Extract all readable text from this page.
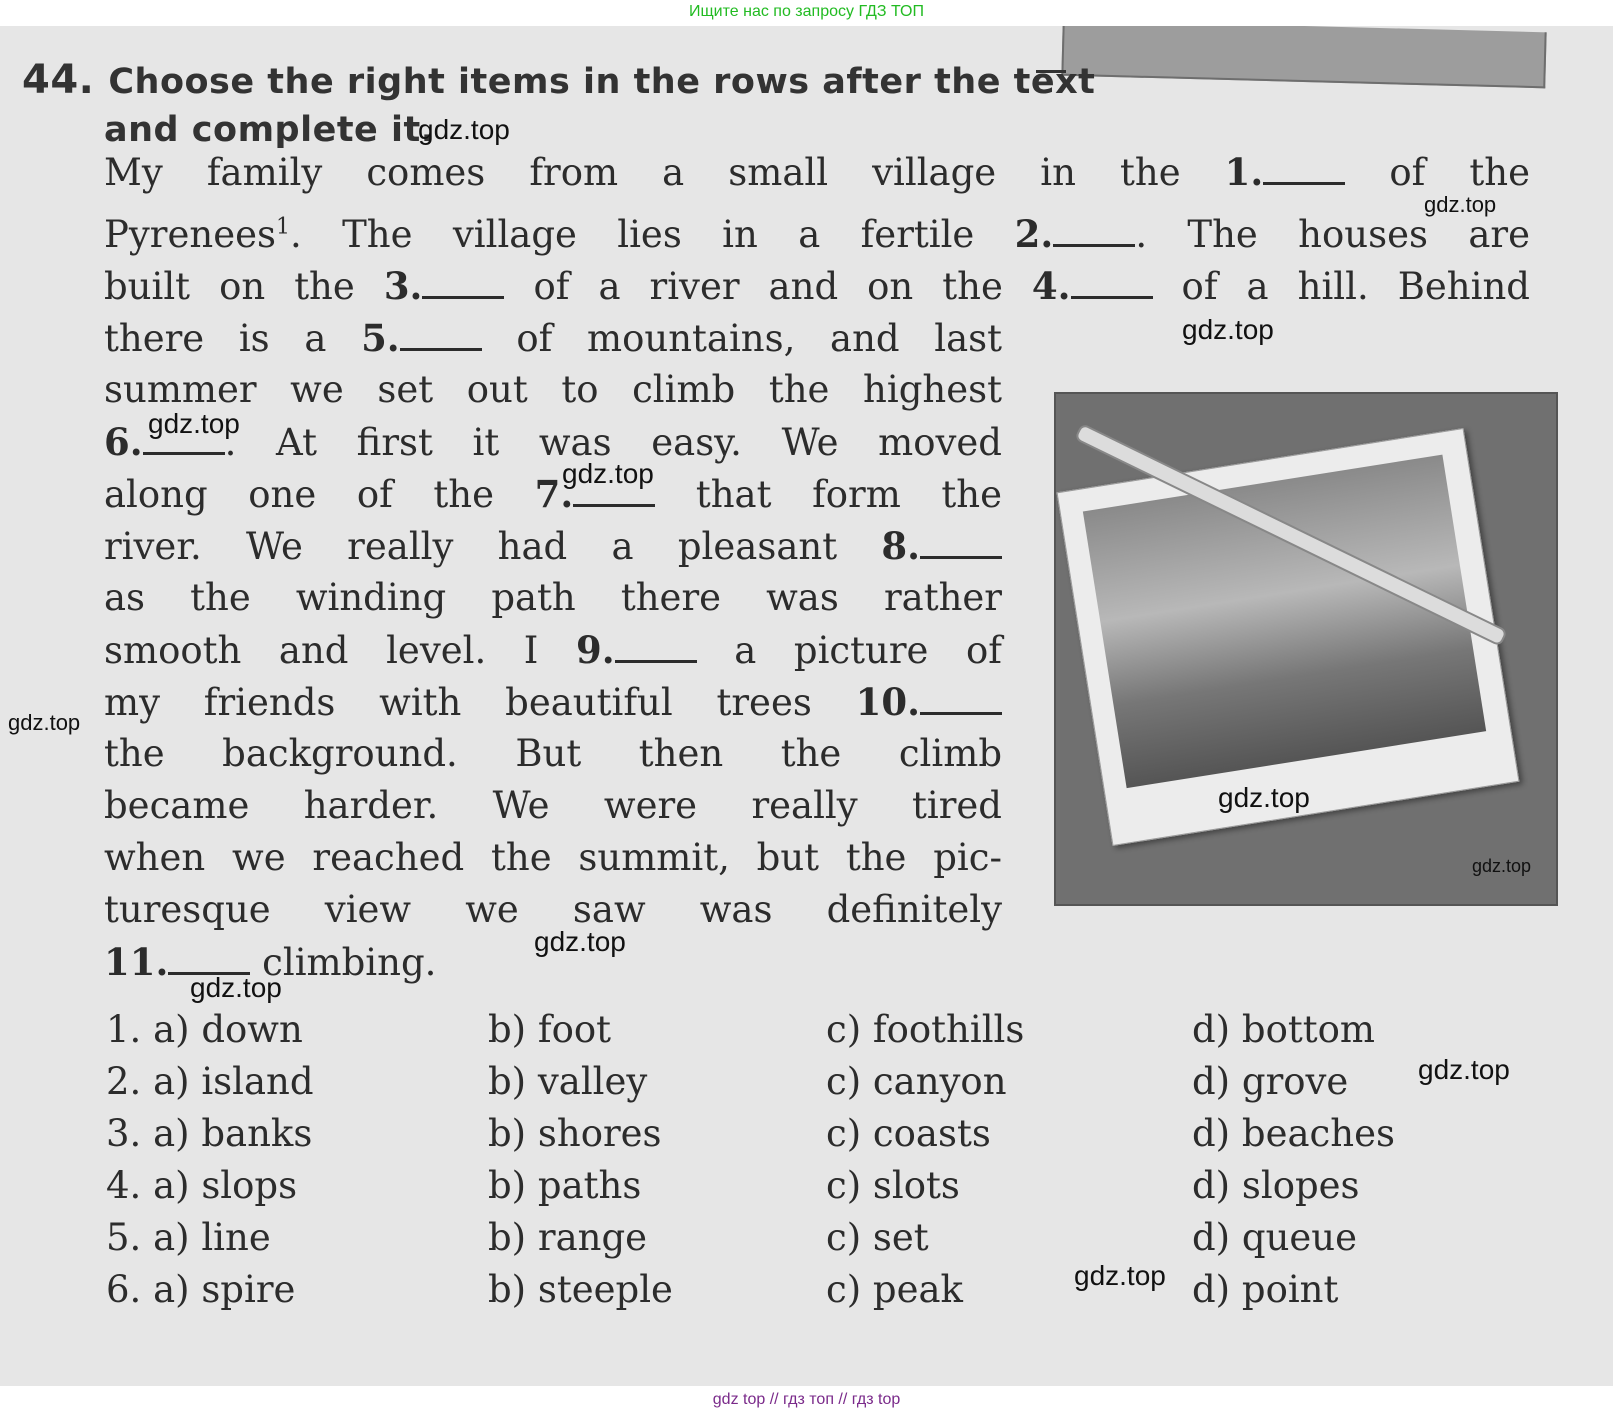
Ищите нас по запросу ГДЗ ТОП
44. Choose the right items in the rows after the text
and complete it.
My family comes from a small village in the 1. of the
Pyrenees$^1$. The village lies in a fertile 2. . The houses are
built on the 3. of a river and on the 4. of a hill. Behind
there is a 5. of mountains, and last
summer we set out to climb the highest
6. . At first it was easy. We moved
along one of the 7. that form the
river. We really had a pleasant 8.
as the winding path there was rather
smooth and level. I 9. a picture of
my friends with beautiful trees 10.
the background. But then the climb
became harder. We were really tired
when we reached the summit, but the pic-
turesque view we saw was definitely
11. climbing.
1. a) down	b) foot	c) foothills	d) bottom
2. a) island	b) valley	c) canyon	d) grove
3. a) banks	b) shores	c) coasts	d) beaches
4. a) slops	b) paths	c) slots	d) slopes
5. a) line	b) range	c) set	d) queue
6. a) spire	b) steeple	c) peak	d) point
gdz.top
gdz.top
gdz.top
gdz.top
gdz.top
gdz.top
gdz.top
gdz.top
gdz.top
gdz.top
gdz.top
gdz.top
gdz top // гдз топ // гдз top
